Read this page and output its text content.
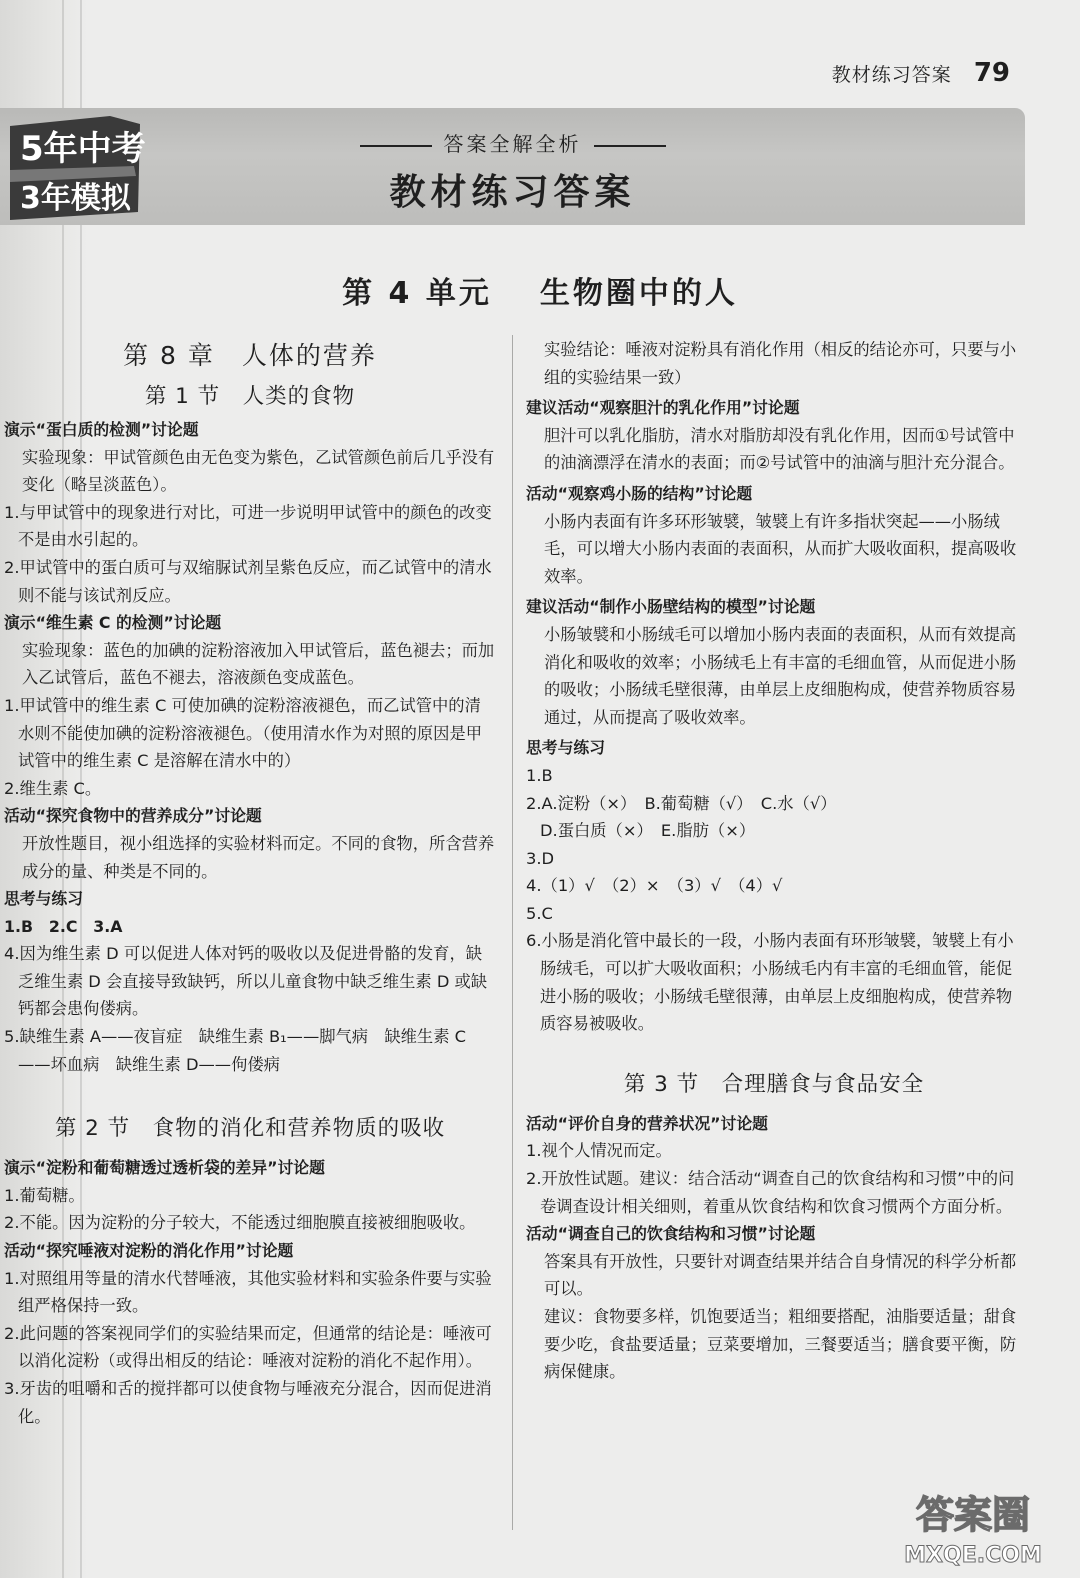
教材练习答案 79
5年中考
3年模拟
答案全解全析
教材练习答案
第 4 单元 生物圈中的人

第 8 章　人体的营养

第 1 节　人类的食物

演示“蛋白质的检测”讨论题

实验现象：甲试管颜色由无色变为紫色，乙试管颜色前后几乎没有变化（略呈淡蓝色）。

1.与甲试管中的现象进行对比，可进一步说明甲试管中的颜色的改变不是由水引起的。

2.甲试管中的蛋白质可与双缩脲试剂呈紫色反应，而乙试管中的清水则不能与该试剂反应。

演示“维生素 C 的检测”讨论题

实验现象：蓝色的加碘的淀粉溶液加入甲试管后，蓝色褪去；而加入乙试管后，蓝色不褪去，溶液颜色变成蓝色。

1.甲试管中的维生素 C 可使加碘的淀粉溶液褪色，而乙试管中的清水则不能使加碘的淀粉溶液褪色。（使用清水作为对照的原因是甲试管中的维生素 C 是溶解在清水中的）

2.维生素 C。

活动“探究食物中的营养成分”讨论题

开放性题目，视小组选择的实验材料而定。不同的食物，所含营养成分的量、种类是不同的。

思考与练习

1.B　2.C　3.A

4.因为维生素 D 可以促进人体对钙的吸收以及促进骨骼的发育，缺乏维生素 D 会直接导致缺钙，所以儿童食物中缺乏维生素 D 或缺钙都会患佝偻病。

5.缺维生素 A——夜盲症　缺维生素 B₁——脚气病　缺维生素 C——坏血病　缺维生素 D——佝偻病

第 2 节　食物的消化和营养物质的吸收

演示“淀粉和葡萄糖透过透析袋的差异”讨论题

1.葡萄糖。

2.不能。因为淀粉的分子较大，不能透过细胞膜直接被细胞吸收。

活动“探究唾液对淀粉的消化作用”讨论题

1.对照组用等量的清水代替唾液，其他实验材料和实验条件要与实验组严格保持一致。

2.此问题的答案视同学们的实验结果而定，但通常的结论是：唾液可以消化淀粉（或得出相反的结论：唾液对淀粉的消化不起作用）。

3.牙齿的咀嚼和舌的搅拌都可以使食物与唾液充分混合，因而促进消化。

实验结论：唾液对淀粉具有消化作用（相反的结论亦可，只要与小组的实验结果一致）

建议活动“观察胆汁的乳化作用”讨论题

胆汁可以乳化脂肪，清水对脂肪却没有乳化作用，因而①号试管中的油滴漂浮在清水的表面；而②号试管中的油滴与胆汁充分混合。

活动“观察鸡小肠的结构”讨论题

小肠内表面有许多环形皱襞，皱襞上有许多指状突起——小肠绒毛，可以增大小肠内表面的表面积，从而扩大吸收面积，提高吸收效率。

建议活动“制作小肠壁结构的模型”讨论题

小肠皱襞和小肠绒毛可以增加小肠内表面的表面积，从而有效提高消化和吸收的效率；小肠绒毛上有丰富的毛细血管，从而促进小肠的吸收；小肠绒毛壁很薄，由单层上皮细胞构成，使营养物质容易通过，从而提高了吸收效率。

思考与练习

1.B

2.A.淀粉（×）　B.葡萄糖（√）　C.水（√）

D.蛋白质（×）　E.脂肪（×）

3.D

4.（1）√　（2）×　（3）√　（4）√

5.C

6.小肠是消化管中最长的一段，小肠内表面有环形皱襞，皱襞上有小肠绒毛，可以扩大吸收面积；小肠绒毛内有丰富的毛细血管，能促进小肠的吸收；小肠绒毛壁很薄，由单层上皮细胞构成，使营养物质容易被吸收。

第 3 节　合理膳食与食品安全

活动“评价自身的营养状况”讨论题

1.视个人情况而定。

2.开放性试题。建议：结合活动“调查自己的饮食结构和习惯”中的问卷调查设计相关细则，着重从饮食结构和饮食习惯两个方面分析。

活动“调查自己的饮食结构和习惯”讨论题

答案具有开放性，只要针对调查结果并结合自身情况的科学分析都可以。

建议：食物要多样，饥饱要适当；粗细要搭配，油脂要适量；甜食要少吃，食盐要适量；豆菜要增加，三餐要适当；膳食要平衡，防病保健康。

答案圈
MXQE.COM
